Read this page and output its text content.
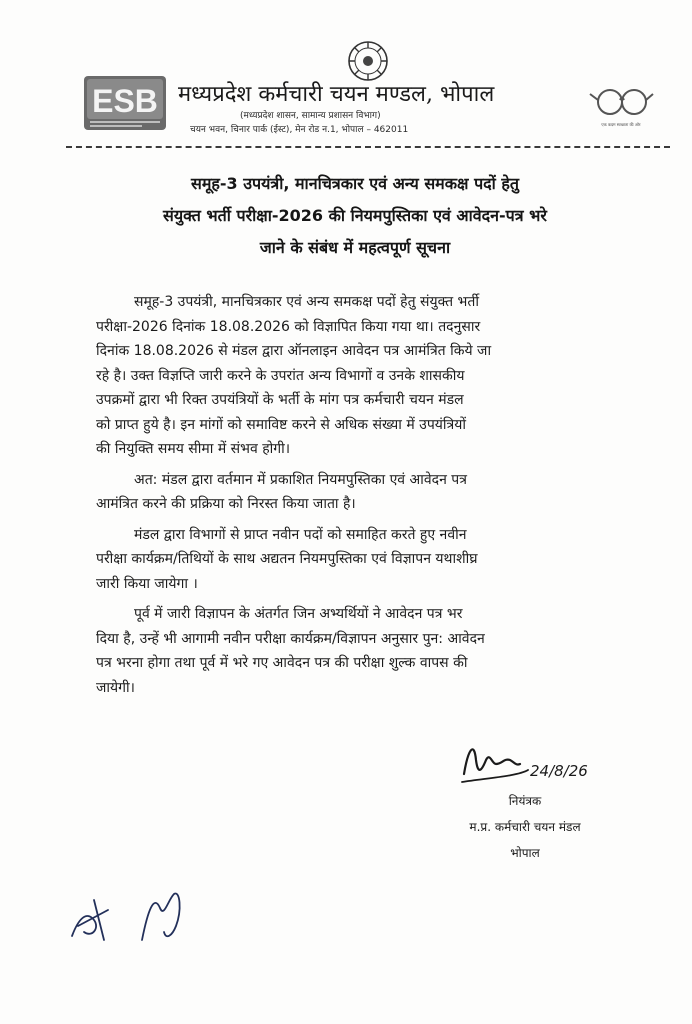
ESB मध्यप्रदेश कर्मचारी चयन मण्डल, भोपाल
(मध्यप्रदेश शासन, सामान्य प्रशासन विभाग)
चयन भवन, चिनार पार्क (ईस्ट), मेन रोड न.1, भोपाल – 462011
एक कदम स्वच्छता की ओर
समूह-3 उपयंत्री, मानचित्रकार एवं अन्य समकक्ष पदों हेतु
संयुक्त भर्ती परीक्षा-2026 की नियमपुस्तिका एवं आवेदन-पत्र भरे
जाने के संबंध में महत्वपूर्ण सूचना
समूह-3 उपयंत्री, मानचित्रकार एवं अन्य समकक्ष पदों हेतु संयुक्त भर्ती
परीक्षा-2026 दिनांक 18.08.2026 को विज्ञापित किया गया था। तदनुसार
दिनांक 18.08.2026 से मंडल द्वारा ऑनलाइन आवेदन पत्र आमंत्रित किये जा
रहे है। उक्त विज्ञप्ति जारी करने के उपरांत अन्य विभागों व उनके शासकीय
उपक्रमों द्वारा भी रिक्त उपयंत्रियों के भर्ती के मांग पत्र कर्मचारी चयन मंडल
को प्राप्त हुये है। इन मांगों को समाविष्ट करने से अधिक संख्या में उपयंत्रियों
की नियुक्ति समय सीमा में संभव होगी।
अत: मंडल द्वारा वर्तमान में प्रकाशित नियमपुस्तिका एवं आवेदन पत्र
आमंत्रित करने की प्रक्रिया को निरस्त किया जाता है।
मंडल द्वारा विभागों से प्राप्त नवीन पदों को समाहित करते हुए नवीन
परीक्षा कार्यक्रम/तिथियों के साथ अद्यतन नियमपुस्तिका एवं विज्ञापन यथाशीघ्र
जारी किया जायेगा ।
पूर्व में जारी विज्ञापन के अंतर्गत जिन अभ्यर्थियों ने आवेदन पत्र भर
दिया है, उन्हें भी आगामी नवीन परीक्षा कार्यक्रम/विज्ञापन अनुसार पुन: आवेदन
पत्र भरना होगा तथा पूर्व में भरे गए आवेदन पत्र की परीक्षा शुल्क वापस की
जायेगी।
24/8/26
नियंत्रक
म.प्र. कर्मचारी चयन मंडल
भोपाल
